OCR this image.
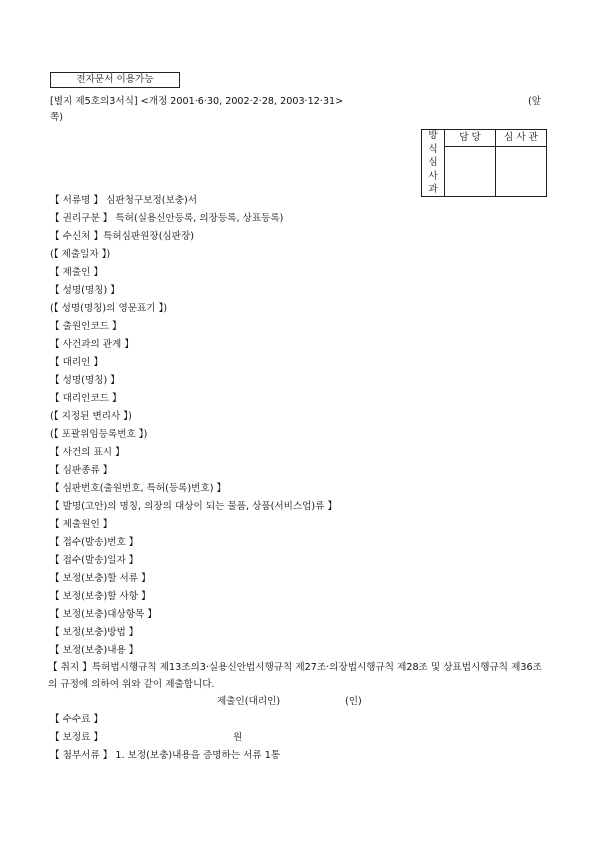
전자문서 이용가능
[별지 제5호의3서식] <개정 2001·6·30, 2002·2·28, 2003·12·31>	(앞
쪽)
방
식
심
사
과	담 당	심 사 관

【 서류명 】 심판청구보정(보충)서
【 권리구분 】 특허(실용신안등록, 의장등록, 상표등록)
【 수신처 】특허심판원장(심판장)
(【 제출일자 】)
【 제출인 】
【 성명(명칭) 】
(【 성명(명칭)의 영문표기 】)
【 출원인코드 】
【 사건과의 관계 】
【 대리인 】
【 성명(명칭) 】
【 대리인코드 】
(【 지정된 변리사 】)
(【 포괄위임등록번호 】)
【 사건의 표시 】
【 심판종류 】
【 심판번호(출원번호, 특허(등록)번호) 】
【 발명(고안)의 명칭, 의장의 대상이 되는 물품, 상품(서비스업)류 】
【 제출원인 】
【 접수(발송)번호 】
【 접수(발송)일자 】
【 보정(보충)할 서류 】
【 보정(보충)할 사항 】
【 보정(보충)대상항목 】
【 보정(보충)방법 】
【 보정(보충)내용 】
【 취지 】특허법시행규칙 제13조의3·실용신안법시행규칙 제27조·의장법시행규칙 제28조 및 상표법시행규칙 제36조의 규정에 의하여 위와 같이 제출합니다.
제출인(대리인)	(인)
【 수수료 】
【 보정료 】	원
【 첨부서류 】 1. 보정(보충)내용을 증명하는 서류 1통
